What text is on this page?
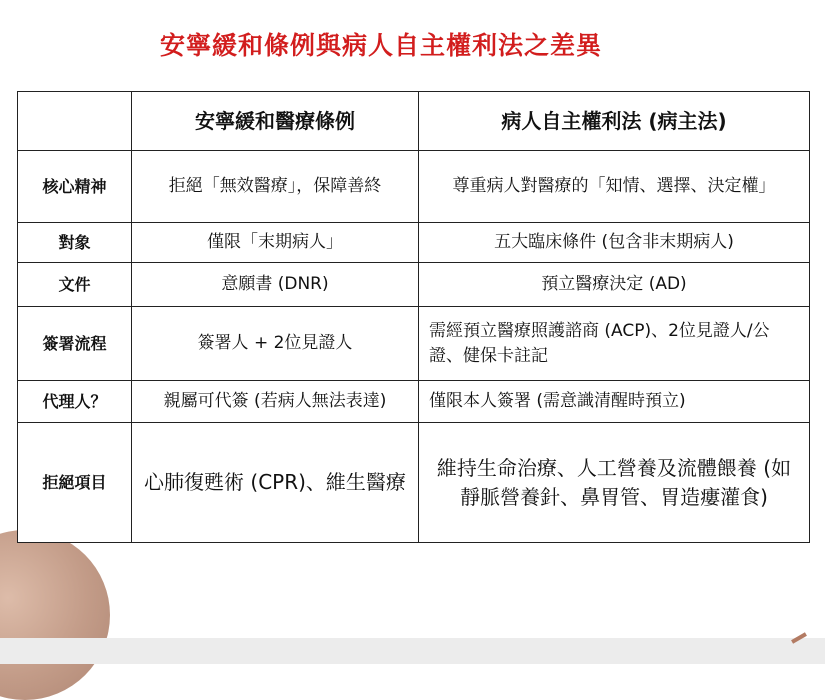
安寧緩和條例與病人自主權利法之差異
	安寧緩和醫療條例	病人自主權利法 (病主法)
核心精神	拒絕「無效醫療」，保障善終	尊重病人對醫療的「知情、選擇、決定權」
對象	僅限「末期病人」	五大臨床條件 (包含非末期病人)
文件	意願書 (DNR)	預立醫療決定 (AD)
簽署流程	簽署人 + 2位見證人	需經預立醫療照護諮商 (ACP)、2位見證人/公證、健保卡註記
代理人？	親屬可代簽 (若病人無法表達)	僅限本人簽署 (需意識清醒時預立)
拒絕項目	心肺復甦術 (CPR)、維生醫療	維持生命治療、人工營養及流體餵養 (如靜脈營養針、鼻胃管、胃造瘻灌食)
